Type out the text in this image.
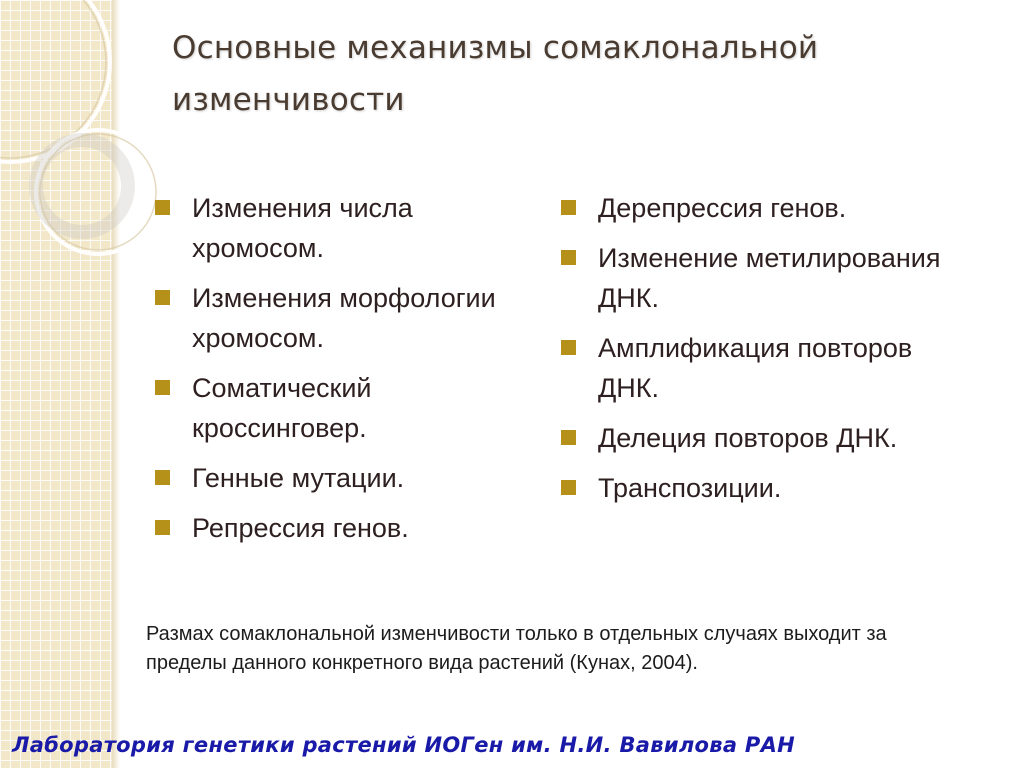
Основные механизмы сомаклональной изменчивости
Изменения числа хромосом.
Изменения морфологии хромосом.
Соматический кроссинговер.
Генные мутации.
Репрессия генов.
Дерепрессия генов.
Изменение метилирования ДНК.
Амплификация повторов ДНК.
Делеция повторов ДНК.
Транспозиции.

Размах сомаклональной изменчивости только в отдельных случаях выходит за пределы данного конкретного вида растений (Кунах, 2004).

Лаборатория генетики растений ИОГен им. Н.И. Вавилова РАН
